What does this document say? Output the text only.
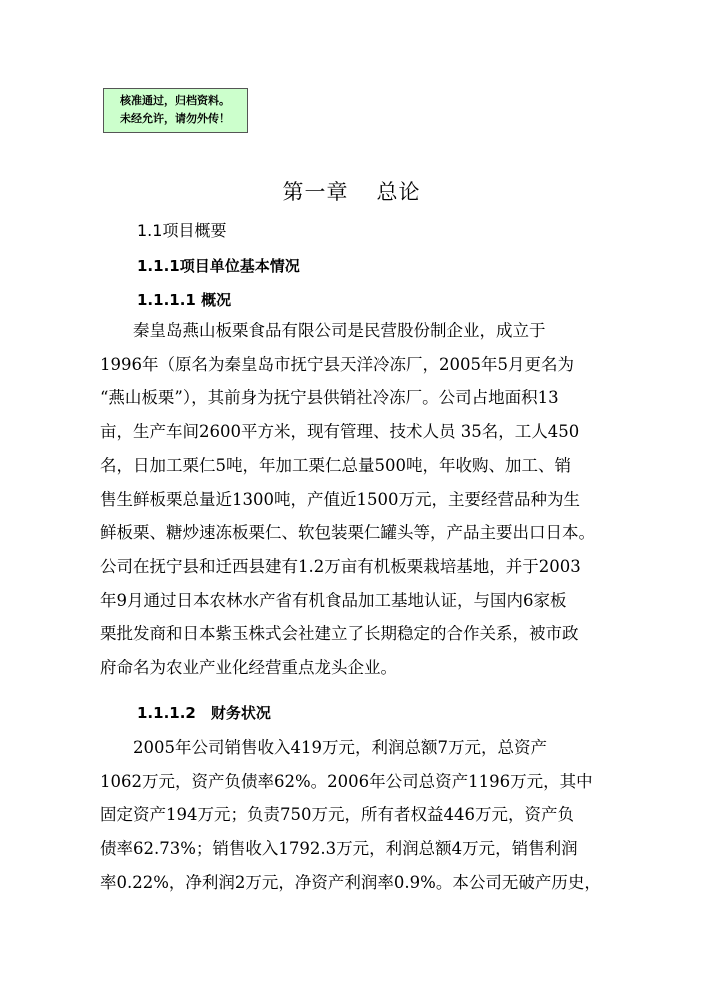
核准通过，归档资料。
未经允许，请勿外传！
第一章 总论
1.1项目概要
1.1.1项目单位基本情况
1.1.1.1 概况

　　秦皇岛燕山板栗食品有限公司是民营股份制企业，成立于
1996年（原名为秦皇岛市抚宁县天洋冷冻厂，2005年5月更名为
“燕山板栗”），其前身为抚宁县供销社冷冻厂。公司占地面积13
亩，生产车间2600平方米，现有管理、技术人员 35名，工人450
名，日加工栗仁5吨，年加工栗仁总量500吨，年收购、加工、销
售生鲜板栗总量近1300吨，产值近1500万元，主要经营品种为生
鲜板栗、糖炒速冻板栗仁、软包装栗仁罐头等，产品主要出口日本。
公司在抚宁县和迁西县建有1.2万亩有机板栗栽培基地，并于2003
年9月通过日本农林水产省有机食品加工基地认证，与国内6家板
栗批发商和日本紫玉株式会社建立了长期稳定的合作关系，被市政
府命名为农业产业化经营重点龙头企业。

1.1.1.2　财务状况

　　2005年公司销售收入419万元，利润总额7万元，总资产
1062万元，资产负债率62%。2006年公司总资产1196万元，其中
固定资产194万元；负责750万元，所有者权益446万元，资产负
债率62.73%；销售收入1792.3万元，利润总额4万元，销售利润
率0.22%，净利润2万元，净资产利润率0.9%。本公司无破产历史，
